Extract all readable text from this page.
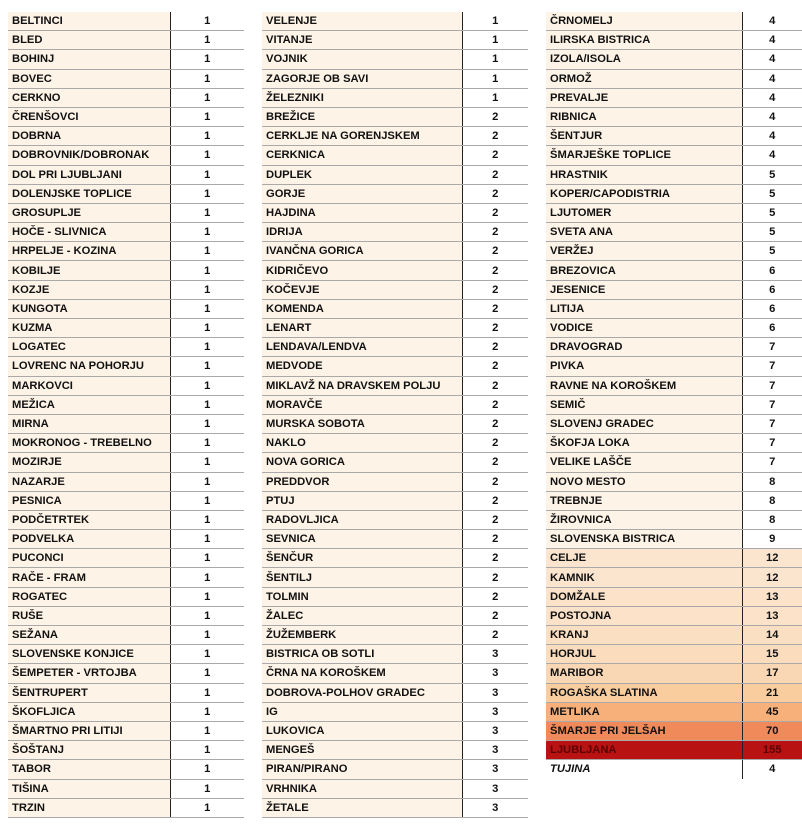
BELTINCI	1
BLED	1
BOHINJ	1
BOVEC	1
CERKNO	1
ČRENŠOVCI	1
DOBRNA	1
DOBROVNIK/DOBRONAK	1
DOL PRI LJUBLJANI	1
DOLENJSKE TOPLICE	1
GROSUPLJE	1
HOČE - SLIVNICA	1
HRPELJE - KOZINA	1
KOBILJE	1
KOZJE	1
KUNGOTA	1
KUZMA	1
LOGATEC	1
LOVRENC NA POHORJU	1
MARKOVCI	1
MEŽICA	1
MIRNA	1
MOKRONOG - TREBELNO	1
MOZIRJE	1
NAZARJE	1
PESNICA	1
PODČETRTEK	1
PODVELKA	1
PUCONCI	1
RAČE - FRAM	1
ROGATEC	1
RUŠE	1
SEŽANA	1
SLOVENSKE KONJICE	1
ŠEMPETER - VRTOJBA	1
ŠENTRUPERT	1
ŠKOFLJICA	1
ŠMARTNO PRI LITIJI	1
ŠOŠTANJ	1
TABOR	1
TIŠINA	1
TRZIN	1
VELENJE	1
VITANJE	1
VOJNIK	1
ZAGORJE OB SAVI	1
ŽELEZNIKI	1
BREŽICE	2
CERKLJE NA GORENJSKEM	2
CERKNICA	2
DUPLEK	2
GORJE	2
HAJDINA	2
IDRIJA	2
IVANČNA GORICA	2
KIDRIČEVO	2
KOČEVJE	2
KOMENDA	2
LENART	2
LENDAVA/LENDVA	2
MEDVODE	2
MIKLAVŽ NA DRAVSKEM POLJU	2
MORAVČE	2
MURSKA SOBOTA	2
NAKLO	2
NOVA GORICA	2
PREDDVOR	2
PTUJ	2
RADOVLJICA	2
SEVNICA	2
ŠENČUR	2
ŠENTILJ	2
TOLMIN	2
ŽALEC	2
ŽUŽEMBERK	2
BISTRICA OB SOTLI	3
ČRNA NA KOROŠKEM	3
DOBROVA-POLHOV GRADEC	3
IG	3
LUKOVICA	3
MENGEŠ	3
PIRAN/PIRANO	3
VRHNIKA	3
ŽETALE	3
ČRNOMELJ	4
ILIRSKA BISTRICA	4
IZOLA/ISOLA	4
ORMOŽ	4
PREVALJE	4
RIBNICA	4
ŠENTJUR	4
ŠMARJEŠKE TOPLICE	4
HRASTNIK	5
KOPER/CAPODISTRIA	5
LJUTOMER	5
SVETA ANA	5
VERŽEJ	5
BREZOVICA	6
JESENICE	6
LITIJA	6
VODICE	6
DRAVOGRAD	7
PIVKA	7
RAVNE NA KOROŠKEM	7
SEMIČ	7
SLOVENJ GRADEC	7
ŠKOFJA LOKA	7
VELIKE LAŠČE	7
NOVO MESTO	8
TREBNJE	8
ŽIROVNICA	8
SLOVENSKA BISTRICA	9
CELJE	12
KAMNIK	12
DOMŽALE	13
POSTOJNA	13
KRANJ	14
HORJUL	15
MARIBOR	17
ROGAŠKA SLATINA	21
METLIKA	45
ŠMARJE PRI JELŠAH	70
LJUBLJANA	155
TUJINA	4
